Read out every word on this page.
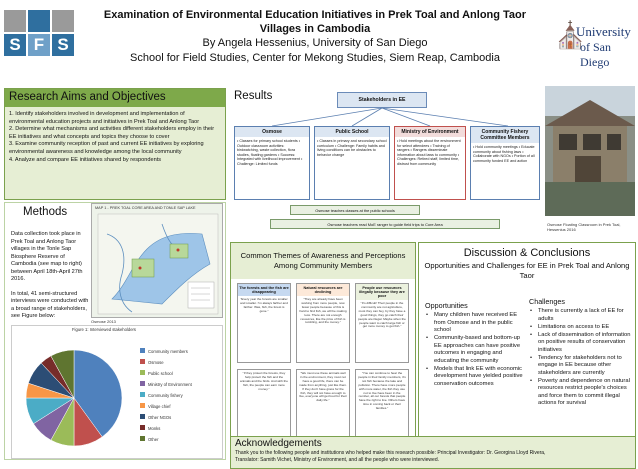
S F S
Examination of Environmental Education Initiatives in Prek Toal and Anlong Taor
Villages in Cambodia
By Angela Hessenius, University of San Diego
School for Field Studies, Center for Mekong Studies, Siem Reap, Cambodia
⛪
University
of San Diego
Research Aims and Objectives
1. Identify stakeholders involved in development and implementation of environmental education projects and initiatives in Prek Toal and Anlong Taor
2. Determine what mechanisms and activities different stakeholders employ in their EE initiatives and what concepts and topics they choose to cover
3. Examine community reception of past and current EE initiatives by exploring environmental awareness and knowledge among the local community
4. Analyze and compare EE initiatives shared by respondents
Methods

Data collection took place in Prek Toal and Anlong Taor villages in the Tonle Sap Biosphere Reserve of Cambodia (see map to right) between April 18th-April 27th 2016.

In total, 41 semi-structured interviews were conducted with a broad range of stakeholders, see Figure below:

MAP 1 - PREK TOAL CORE AREA AND TONLE SAP LAKE
Osmose 2013
Figure 1: Interviewed stakeholders
Community members
Osmose
Public school
Ministry of Environment
Community fishery
Village chief
Other NGOs
Monks
Other
Results	Stakeholders in EE
Osmose
• Classes for primary school students • Outdoor classroom activities: birdwatching, waste collection, flora studies, floating gardens • Success: Integrated with livelihood improvement • Challenge: Limited funds
Public School
• Classes in primary and secondary school curriculum • Challenge: Family habits and living conditions can be obstacles to behavior change
Ministry of Environment
• Hold meetings about the environment for select attendees • Training of rangers • Rangers disseminate information about laws to community • Challenges: Retired staff, limited time, distrust from community
Community Fishery Committee Members
• Hold community meetings • Educate community about fishing laws • Collaborate with NGOs • Portion of all community funded EE and action
Osmose teaches classes at the public schools
Osmose teachers read MoE ranger to guide field trips to Core Area	Osmose Floating Classroom in Prek Toal, Hessenius 2016
Common Themes of Awareness and Perceptions Among Community Members
The forests and the fish are disappearing
"Every year the forests are smaller and smaller. I'm always farther and farther. Was, fish, the forest is gone."
Natural resources are declining
"They are already have been working from more people, now fewer people because of this is hard to find fish, we will be making less. There are not enough resources, like the price of fish is tumbling, and the money."
People use resources illegally because they are poor
"It's difficult! Their people in the community are not agriculture, most they can buy, by they have a good things, they go catch their people are illegal. Maybe when the people want to catch large fish or get more money to get fish."
"If they protect the forests, they help protect the fish and the animals and the birds. And with the fish, the people can earn more money."
"We must use these animals well in the environment, they must not have a good life, there can be made from anything, just like them. If they don't have grass for the fish, they will not have enough to live, everyone will get food for their daily life."
"You can continue to hear the people in their family members, it's not fish because the lake and pollution. There have more people with more water, the fish they use not to live have been in the number, all our forests that people have the right to live. Others have time in coming back or their families."
Discussion & Conclusions
Opportunities and Challenges for EE in Prek Toal and Anlong Taor
Opportunities
• Many children have received EE from Osmose and in the public school
• Community-based and bottom-up EE approaches can have positive outcomes in engaging and educating the community
• Models that link EE with economic development have yielded positive conservation outcomes
Challenges
• There is currently a lack of EE for adults
• Limitations on access to EE
• Lack of dissemination of information on positive results of conservation initiatives
• Tendency for stakeholders not to engage in EE because other stakeholders are currently
• Poverty and dependence on natural resources restrict people's choices and force them to commit illegal actions for survival
Acknowledgements
Thank you to the following people and institutions who helped make this research possible: Principal Investigator: Dr. Georgina Lloyd Rivera,
Translator: Samith Vichet, Ministry of Environment, and all the people who were interviewed.
